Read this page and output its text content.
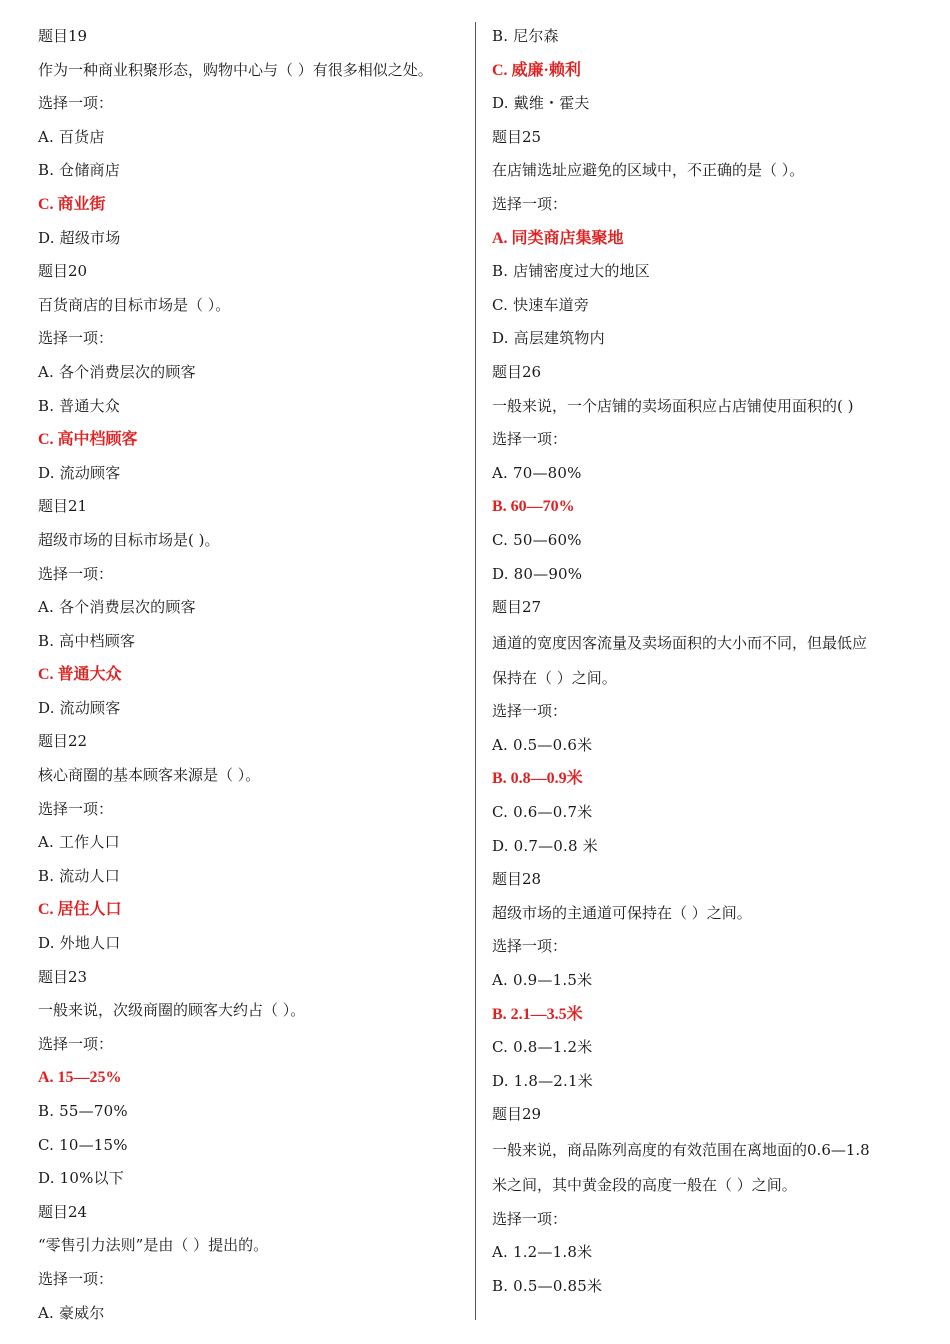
题目19
作为一种商业积聚形态，购物中心与（ ）有很多相似之处。
选择一项：
A. 百货店
B. 仓储商店
C. 商业街
D. 超级市场
题目20
百货商店的目标市场是（ ）。
选择一项：
A. 各个消费层次的顾客
B. 普通大众
C. 高中档顾客
D. 流动顾客
题目21
超级市场的目标市场是( )。
选择一项：
A. 各个消费层次的顾客
B. 高中档顾客
C. 普通大众
D. 流动顾客
题目22
核心商圈的基本顾客来源是（ ）。
选择一项：
A. 工作人口
B. 流动人口
C. 居住人口
D. 外地人口
题目23
一般来说，次级商圈的顾客大约占（ ）。
选择一项：
A. 15—25%
B. 55—70%
C. 10—15%
D. 10%以下
题目24
“零售引力法则”是由（ ）提出的。
选择一项：
A. 豪威尔
B. 尼尔森
C. 威廉·赖利
D. 戴维・霍夫
题目25
在店铺选址应避免的区域中，不正确的是（ ）。
选择一项：
A. 同类商店集聚地
B. 店铺密度过大的地区
C. 快速车道旁
D. 高层建筑物内
题目26
一般来说，一个店铺的卖场面积应占店铺使用面积的( )
选择一项：
A. 70—80%
B. 60—70%
C. 50—60%
D. 80—90%
题目27
通道的宽度因客流量及卖场面积的大小而不同，但最低应
保持在（ ）之间。
选择一项：
A. 0.5—0.6米
B. 0.8—0.9米
C. 0.6—0.7米
D. 0.7—0.8 米
题目28
超级市场的主通道可保持在（ ）之间。
选择一项：
A. 0.9—1.5米
B. 2.1—3.5米
C. 0.8—1.2米
D. 1.8—2.1米
题目29
一般来说，商品陈列高度的有效范围在离地面的0.6—1.8
米之间，其中黄金段的高度一般在（ ）之间。
选择一项：
A. 1.2—1.8米
B. 0.5—0.85米
